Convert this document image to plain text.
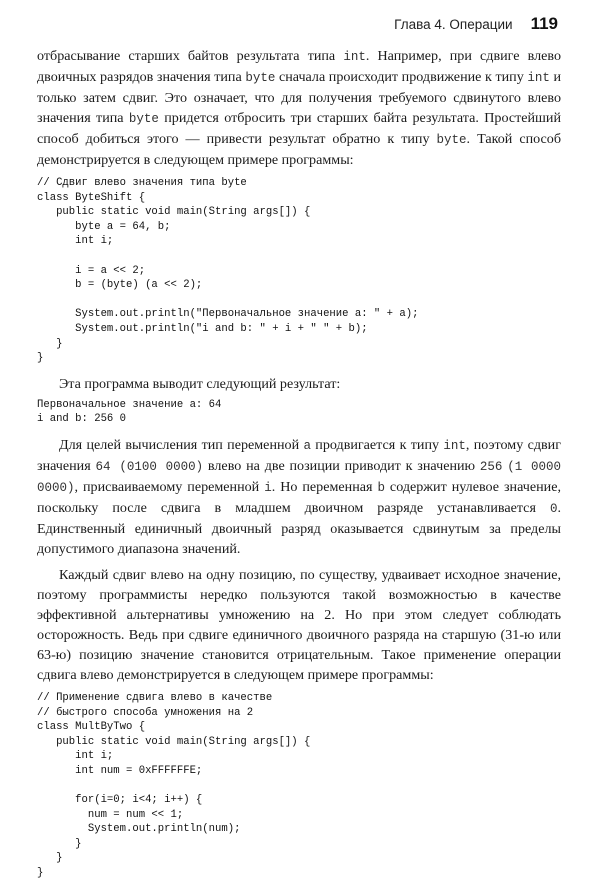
Глава 4. Операции 119

отбрасывание старших байтов результата типа int. Например, при сдвиге влево двоичных разрядов значения типа byte сначала происходит продвижение к типу int и только затем сдвиг. Это означает, что для получения требуемого сдвинутого влево значения типа byte придется отбросить три старших байта результата. Простейший способ добиться этого — привести результат обратно к типу byte. Такой способ демонстрируется в следующем примере программы:

// Сдвиг влево значения типа byte
class ByteShift {
public static void main(String args[]) {
byte a = 64, b;
int i;
i = a << 2;
b = (byte) (a << 2);
System.out.println("Первоначальное значение a: " + a);
System.out.println("i and b: " + i + " " + b);
}
}

Эта программа выводит следующий результат:

Первоначальное значение a: 64
i and b: 256 0

Для целей вычисления тип переменной a продвигается к типу int, поэтому сдвиг значения 64 (0100 0000) влево на две позиции приводит к значению 256 (1 0000 0000), присваиваемому переменной i. Но переменная b содержит нулевое значение, поскольку после сдвига в младшем двоичном разряде устанавливается 0. Единственный единичный двоичный разряд оказывается сдвинутым за пределы допустимого диапазона значений.

Каждый сдвиг влево на одну позицию, по существу, удваивает исходное значение, поэтому программисты нередко пользуются такой возможностью в качестве эффективной альтернативы умножению на 2. Но при этом следует соблюдать осторожность. Ведь при сдвиге единичного двоичного разряда на старшую (31-ю или 63-ю) позицию значение становится отрицательным. Такое применение операции сдвига влево демонстрируется в следующем примере программы:

// Применение сдвига влево в качестве
// быстрого способа умножения на 2
class MultByTwo {
public static void main(String args[]) {
int i;
int num = 0xFFFFFFE;
for(i=0; i<4; i++) {
num = num << 1;
System.out.println(num);
}
}
}
